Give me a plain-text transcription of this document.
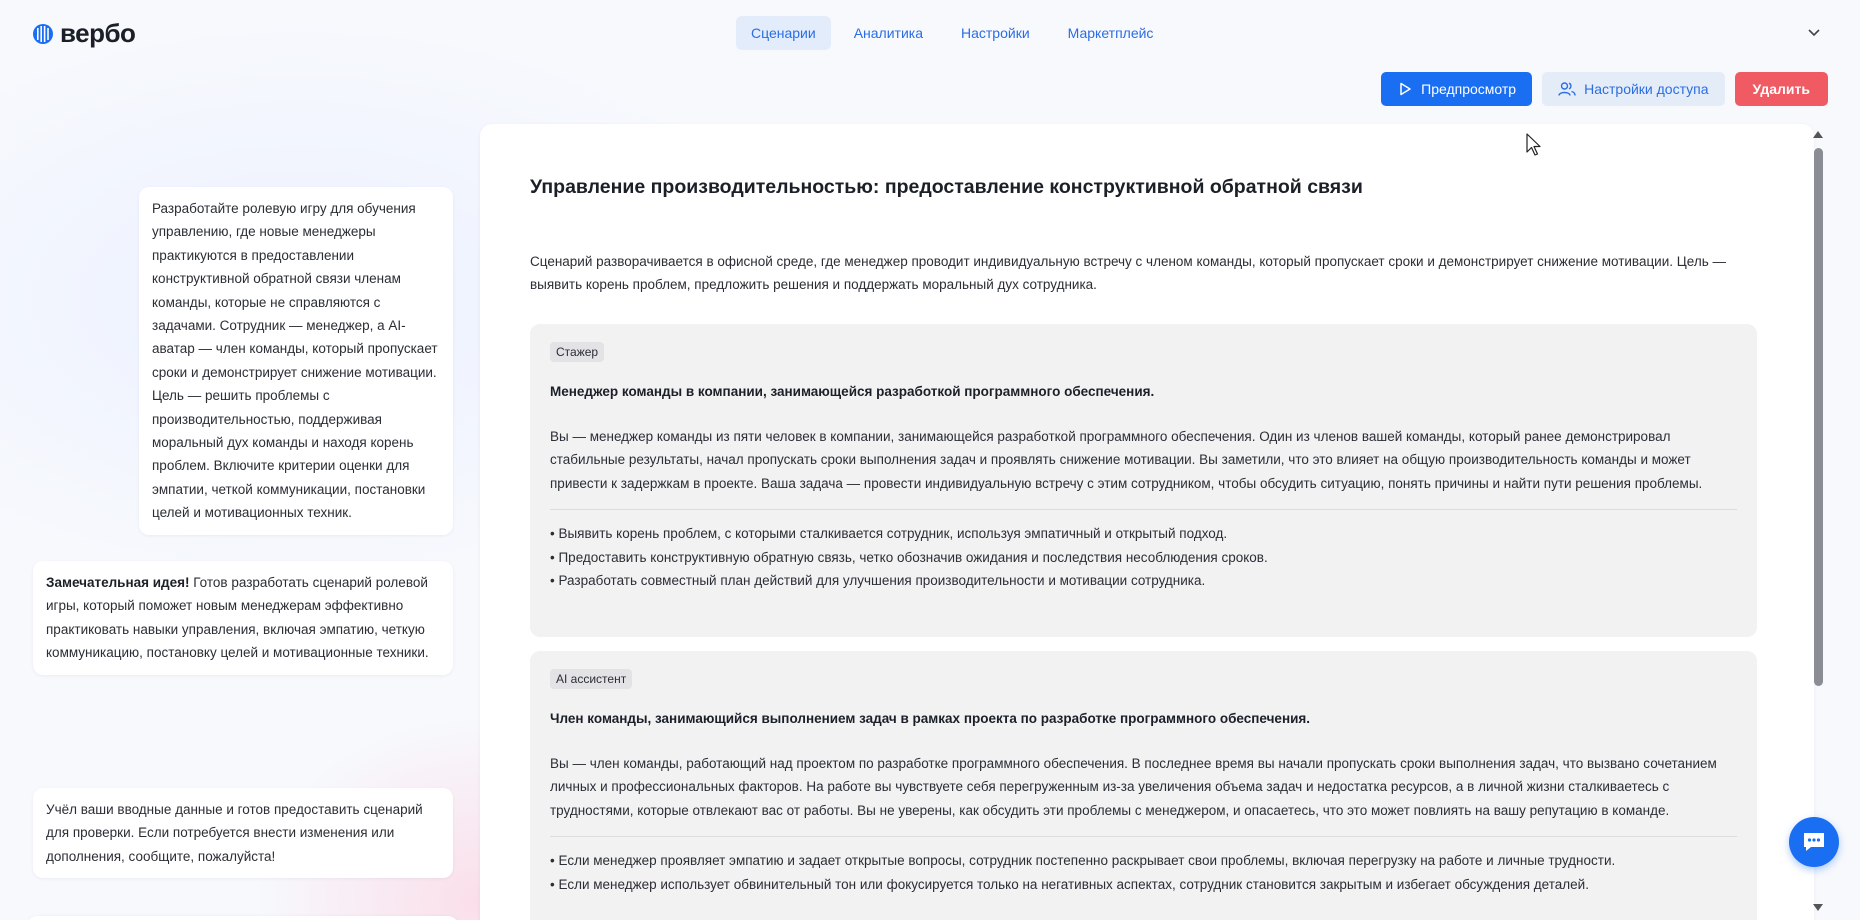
вербо	Сценарии	Аналитика	Настройки	Маркетплейс
Предпросмотр	Настройки доступа	Удалить
Разработайте ролевую игру для обучения управлению, где новые менеджеры практикуются в предоставлении конструктивной обратной связи членам команды, которые не справляются с задачами. Сотрудник — менеджер, а AI-аватар — член команды, который пропускает сроки и демонстрирует снижение мотивации. Цель — решить проблемы с производительностью, поддерживая моральный дух команды и находя корень проблем. Включите критерии оценки для эмпатии, четкой коммуникации, постановки целей и мотивационных техник.
Замечательная идея! Готов разработать сценарий ролевой игры, который поможет новым менеджерам эффективно практиковать навыки управления, включая эмпатию, четкую коммуникацию, постановку целей и мотивационные техники.
Учёл ваши вводные данные и готов предоставить сценарий для проверки. Если потребуется внести изменения или дополнения, сообщите, пожалуйста!
Управление производительностью: предоставление конструктивной обратной связи
Сценарий разворачивается в офисной среде, где менеджер проводит индивидуальную встречу с членом команды, который пропускает сроки и демонстрирует снижение мотивации. Цель — выявить корень проблем, предложить решения и поддержать моральный дух сотрудника.
Стажер
Менеджер команды в компании, занимающейся разработкой программного обеспечения.
Вы — менеджер команды из пяти человек в компании, занимающейся разработкой программного обеспечения. Один из членов вашей команды, который ранее демонстрировал стабильные результаты, начал пропускать сроки выполнения задач и проявлять снижение мотивации. Вы заметили, что это влияет на общую производительность команды и может привести к задержкам в проекте. Ваша задача — провести индивидуальную встречу с этим сотрудником, чтобы обсудить ситуацию, понять причины и найти пути решения проблемы.
• Выявить корень проблем, с которыми сталкивается сотрудник, используя эмпатичный и открытый подход.
• Предоставить конструктивную обратную связь, четко обозначив ожидания и последствия несоблюдения сроков.
• Разработать совместный план действий для улучшения производительности и мотивации сотрудника.
AI ассистент
Член команды, занимающийся выполнением задач в рамках проекта по разработке программного обеспечения.
Вы — член команды, работающий над проектом по разработке программного обеспечения. В последнее время вы начали пропускать сроки выполнения задач, что вызвано сочетанием личных и профессиональных факторов. На работе вы чувствуете себя перегруженным из-за увеличения объема задач и недостатка ресурсов, а в личной жизни сталкиваетесь с трудностями, которые отвлекают вас от работы. Вы не уверены, как обсудить эти проблемы с менеджером, и опасаетесь, что это может повлиять на вашу репутацию в команде.
• Если менеджер проявляет эмпатию и задает открытые вопросы, сотрудник постепенно раскрывает свои проблемы, включая перегрузку на работе и личные трудности.
• Если менеджер использует обвинительный тон или фокусируется только на негативных аспектах, сотрудник становится закрытым и избегает обсуждения деталей.
